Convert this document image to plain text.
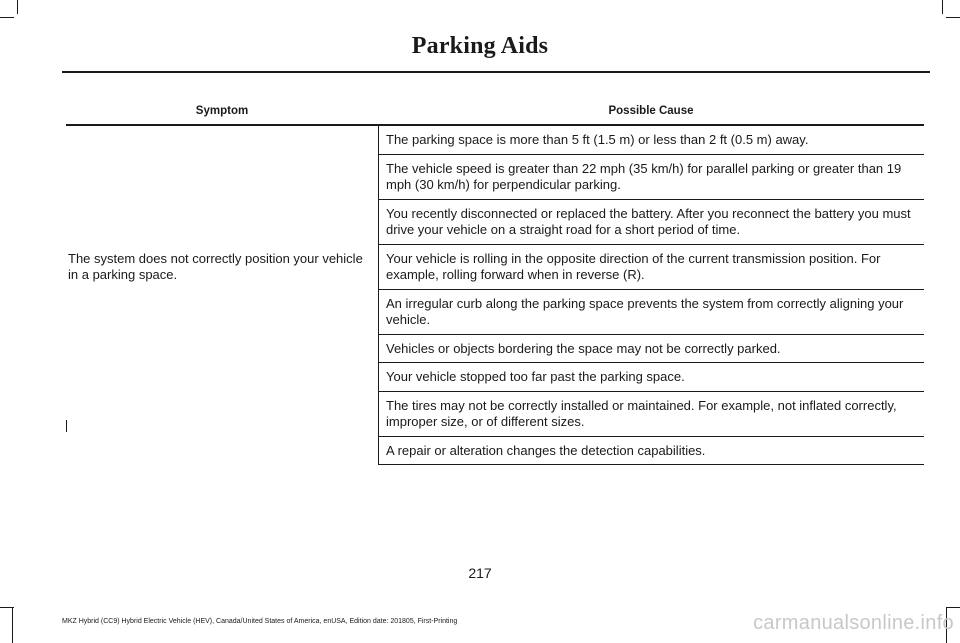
Parking Aids
Symptom	Possible Cause
The parking space is more than 5 ft (1.5 m) or less than 2 ft (0.5 m) away.
The vehicle speed is greater than 22 mph (35 km/h) for parallel parking or greater than 19 mph (30 km/h) for perpendicular parking.
You recently disconnected or replaced the battery. After you reconnect the battery you must drive your vehicle on a straight road for a short period of time.
The system does not correctly position your vehicle in a parking space.
Your vehicle is rolling in the opposite direction of the current transmission position. For example, rolling forward when in reverse (R).
An irregular curb along the parking space prevents the system from correctly aligning your vehicle.
Vehicles or objects bordering the space may not be correctly parked.
Your vehicle stopped too far past the parking space.
The tires may not be correctly installed or maintained. For example, not inflated correctly, improper size, or of different sizes.
A repair or alteration changes the detection capabilities.
217
MKZ Hybrid (CC9) Hybrid Electric Vehicle (HEV), Canada/United States of America, enUSA, Edition date: 201805, First-Printing	carmanualsonline.info
